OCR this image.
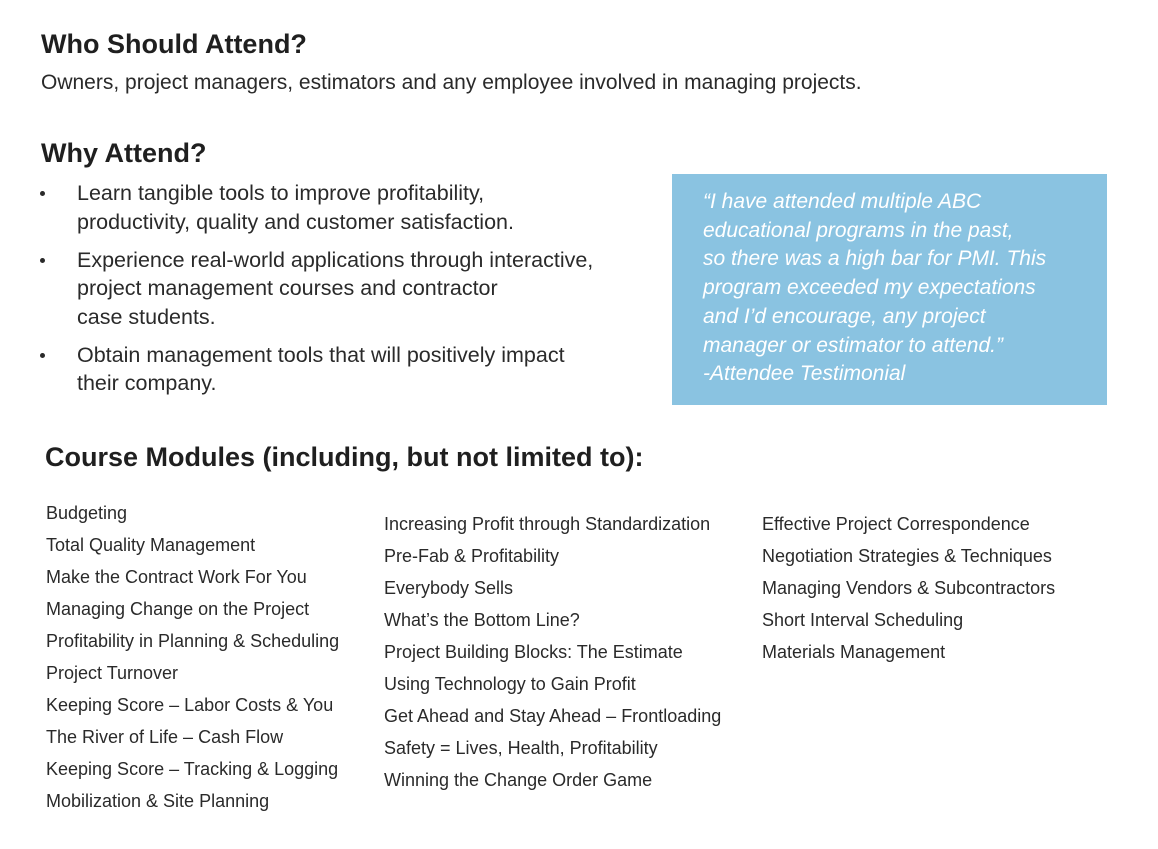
Who Should Attend?

Owners, project managers, estimators and any employee involved in managing projects.

Why Attend?
Learn tangible tools to improve profitability,
productivity, quality and customer satisfaction.
Experience real-world applications through interactive,
project management courses and contractor
case students.
Obtain management tools that will positively impact
their company.
“I have attended multiple ABC
educational programs in the past,
so there was a high bar for PMI. This
program exceeded my expectations
and I’d encourage, any project
manager or estimator to attend.”
-Attendee Testimonial
Course Modules (including, but not limited to):
Budgeting
Total Quality Management
Make the Contract Work For You
Managing Change on the Project
Profitability in Planning & Scheduling
Project Turnover
Keeping Score – Labor Costs & You
The River of Life – Cash Flow
Keeping Score – Tracking & Logging
Mobilization & Site Planning
Increasing Profit through Standardization
Pre-Fab & Profitability
Everybody Sells
What’s the Bottom Line?
Project Building Blocks: The Estimate
Using Technology to Gain Profit
Get Ahead and Stay Ahead – Frontloading
Safety = Lives, Health, Profitability
Winning the Change Order Game
Effective Project Correspondence
Negotiation Strategies & Techniques
Managing Vendors & Subcontractors
Short Interval Scheduling
Materials Management
